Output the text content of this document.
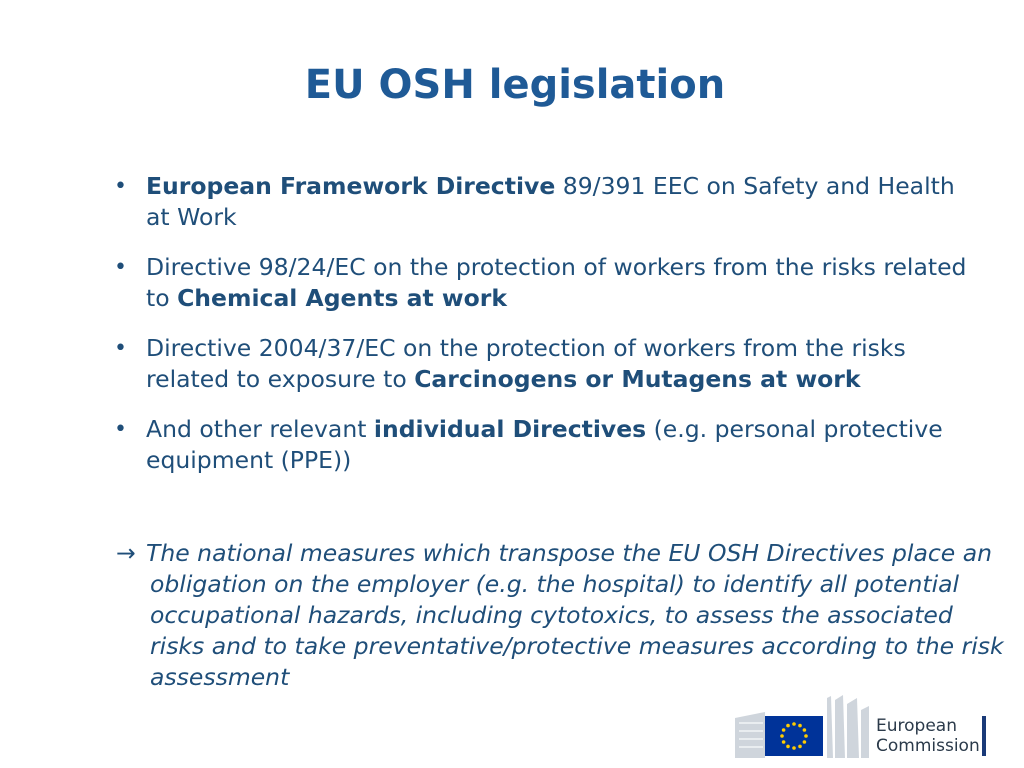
EU OSH legislation
• European Framework Directive 89/391 EEC on Safety and Health at Work
• Directive 98/24/EC on the protection of workers from the risks related to Chemical Agents at work
• Directive 2004/37/EC on the protection of workers from the risks related to exposure to Carcinogens or Mutagens at work
• And other relevant individual Directives (e.g. personal protective equipment (PPE))
→ The national measures which transpose the EU OSH Directives place an obligation on the employer (e.g. the hospital) to identify all potential occupational hazards, including cytotoxics, to assess the associated risks and to take preventative/protective measures according to the risk assessment
European
Commission
